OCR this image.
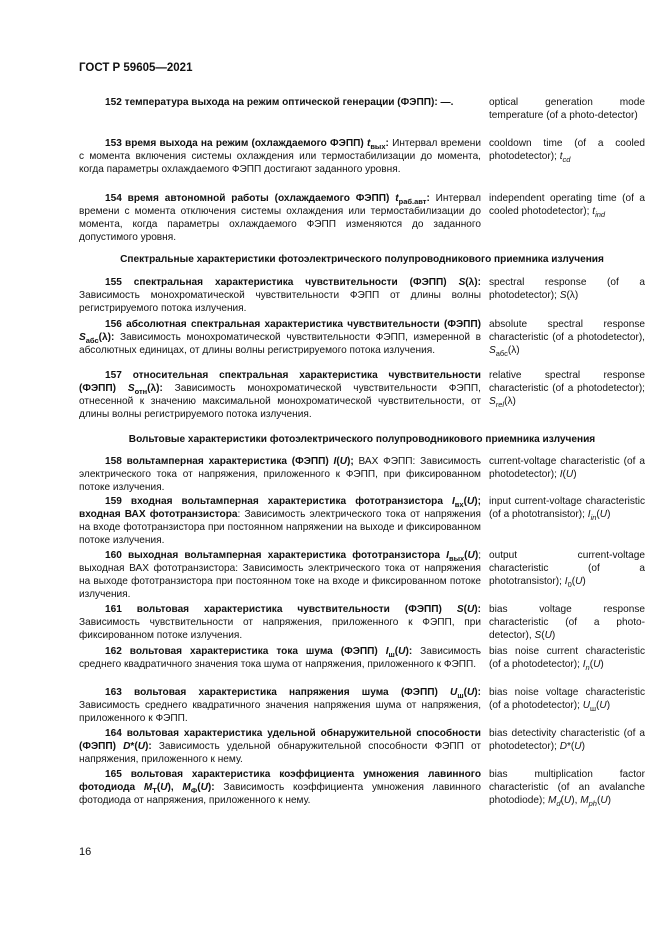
ГОСТ Р 59605—2021
152 температура выхода на режим оптической генерации (ФЭПП): —.	optical generation mode temperature (of a photo-detector)
153 время выхода на режим (охлаждаемого ФЭПП) $t_{вых}$: Интервал времени с момента включения системы охлаждения или термостабилизации до момента, когда параметры охлаждаемого ФЭПП достигают заданного уровня.
cooldown time (of a cooled photodetector); $t_{cd}$
154 время автономной работы (охлаждаемого ФЭПП) $t_{раб.авт}$: Интервал времени с момента отключения системы охлаждения или термостабилизации до момента, когда параметры охлаждаемого ФЭПП изменяются до заданного допустимого уровня.
independent operating time (of a cooled photodetector); $t_{ind}$
Спектральные характеристики фотоэлектрического полупроводникового приемника излучения
155 спектральная характеристика чувствительности (ФЭПП) S(λ): Зависимость монохроматической чувствительности ФЭПП от длины волны регистрируемого потока излучения.
spectral response (of a photodetector); S(λ)
156 абсолютная спектральная характеристика чувствительности (ФЭПП) $S_{абс}(\lambda)$: Зависимость монохроматической чувствительности ФЭПП, измеренной в абсолютных единицах, от длины волны регистрируемого потока излучения.
absolute spectral response characteristic (of a photodetector), $S_{абс}(\lambda)$
157 относительная спектральная характеристика чувствительности (ФЭПП) $S_{отн}(\lambda)$: Зависимость монохроматической чувствительности ФЭПП, отнесенной к значению максимальной монохроматической чувствительности, от длины волны регистрируемого потока излучения.
relative spectral response characteristic (of a photodetector); $S_{rel}(\lambda)$
Вольтовые характеристики фотоэлектрического полупроводникового приемника излучения
158 вольтамперная характеристика (ФЭПП) I(U); ВАХ ФЭПП: Зависимость электрического тока от напряжения, приложенного к ФЭПП, при фиксированном потоке излучения.
current-voltage characteristic (of a photodetector); I(U)
159 входная вольтамперная характеристика фототранзистора $I_{вх}(U)$; входная ВАХ фототранзистора: Зависимость электрического тока от напряжения на входе фототранзистора при постоянном напряжении на выходе и фиксированном потоке излучения.
input current-voltage characteristic (of a phototransistor); $I_{in}(U)$
160 выходная вольтамперная характеристика фототранзистора $I_{вых}(U)$; выходная ВАХ фототранзистора: Зависимость электрического тока от напряжения на выходе фототранзистора при постоянном токе на входе и фиксированном потоке излучения.
output current-voltage characteristic (of a phototransistor); $I_0(U)$
161 вольтовая характеристика чувствительности (ФЭПП) S(U): Зависимость чувствительности от напряжения, приложенного к ФЭПП, при фиксированном потоке излучения.
bias voltage response characteristic (of a photo-detector), S(U)
162 вольтовая характеристика тока шума (ФЭПП) $I_ш(U)$: Зависимость среднего квадратичного значения тока шума от напряжения, приложенного к ФЭПП.
bias noise current characteristic (of a photodetector); $I_n(U)$
163 вольтовая характеристика напряжения шума (ФЭПП) $U_ш(U)$: Зависимость среднего квадратичного значения напряжения шума от напряжения, приложенного к ФЭПП.
bias noise voltage characteristic (of a photodetector); $U_ш(U)$
164 вольтовая характеристика удельной обнаружительной способности (ФЭПП) D*(U): Зависимость удельной обнаружительной способности ФЭПП от напряжения, приложенного к нему.
bias detectivity characteristic (of a photodetector); D*(U)
165 вольтовая характеристика коэффициента умножения лавинного фотодиода $M_Т(U)$, $M_Ф(U)$: Зависимость коэффициента умножения лавинного фотодиода от напряжения, приложенного к нему.
bias multiplication factor characteristic (of an avalanche photodiode); $M_d(U)$, $M_{ph}(U)$
16
